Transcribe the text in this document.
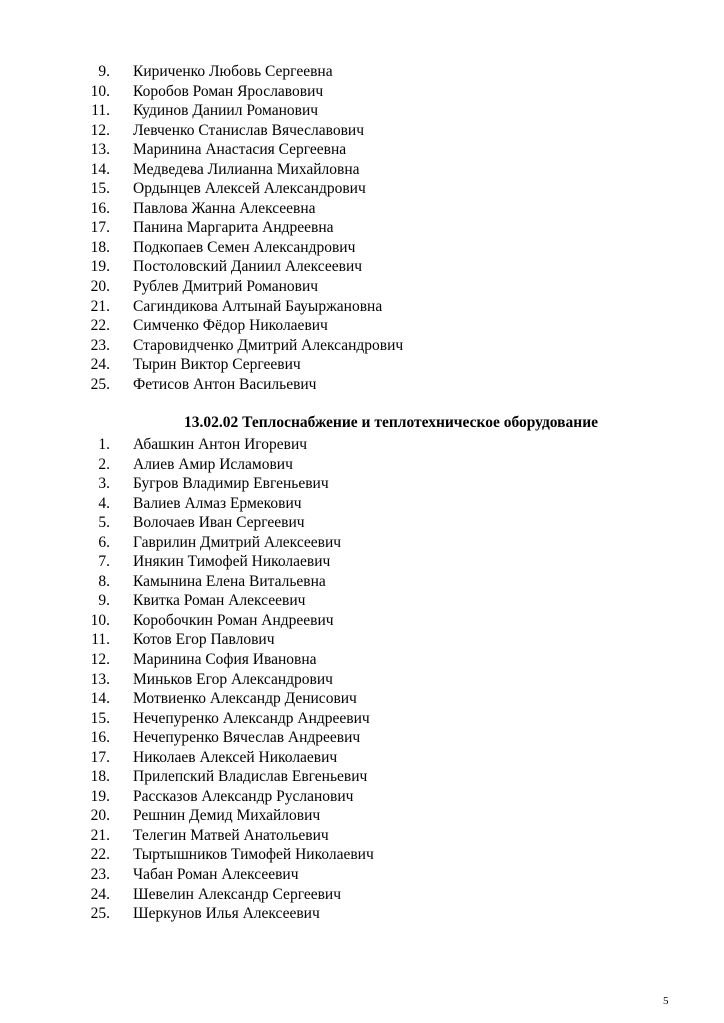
9. Кириченко Любовь Сергеевна
10. Коробов Роман Ярославович
11. Кудинов Даниил Романович
12. Левченко Станислав Вячеславович
13. Маринина Анастасия Сергеевна
14. Медведева Лилианна Михайловна
15. Ордынцев Алексей Александрович
16. Павлова Жанна Алексеевна
17. Панина Маргарита Андреевна
18. Подкопаев Семен Александрович
19. Постоловский Даниил Алексеевич
20. Рублев Дмитрий Романович
21. Сагиндикова Алтынай Бауыржановна
22. Симченко Фёдор Николаевич
23. Старовидченко Дмитрий Александрович
24. Тырин Виктор Сергеевич
25. Фетисов Антон Васильевич
13.02.02 Теплоснабжение и теплотехническое оборудование
1. Абашкин Антон Игоревич
2. Алиев Амир Исламович
3. Бугров Владимир Евгеньевич
4. Валиев Алмаз Ермекович
5. Волочаев Иван Сергеевич
6. Гаврилин Дмитрий Алексеевич
7. Инякин Тимофей Николаевич
8. Камынина Елена Витальевна
9. Квитка Роман Алексеевич
10. Коробочкин Роман Андреевич
11. Котов Егор Павлович
12. Маринина София Ивановна
13. Миньков Егор Александрович
14. Мотвиенко Александр Денисович
15. Нечепуренко Александр Андреевич
16. Нечепуренко Вячеслав Андреевич
17. Николаев Алексей Николаевич
18. Прилепский Владислав Евгеньевич
19. Рассказов Александр Русланович
20. Решнин Демид Михайлович
21. Телегин Матвей Анатольевич
22. Тыртышников Тимофей Николаевич
23. Чабан Роман Алексеевич
24. Шевелин Александр Сергеевич
25. Шеркунов Илья Алексеевич
5
